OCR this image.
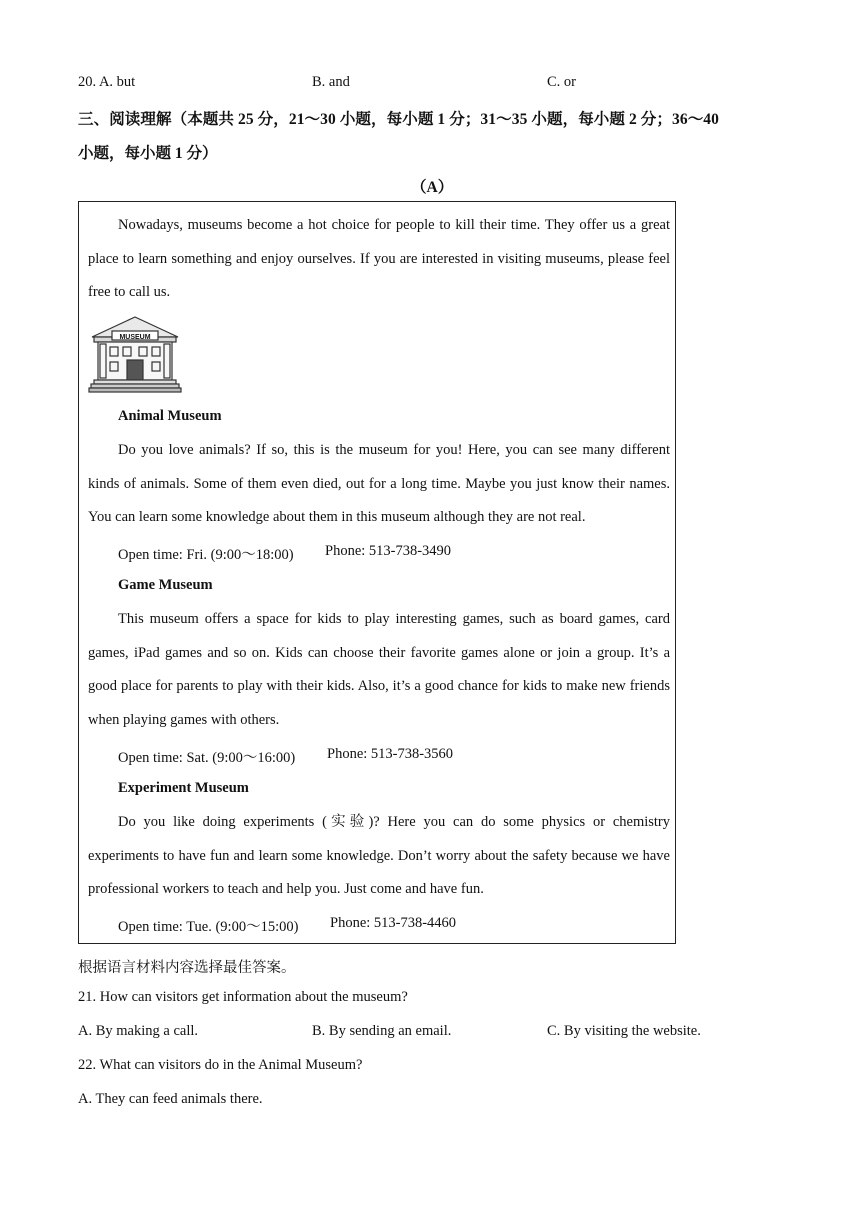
20. A. but	B. and	C. or
三、阅读理解（本题共 25 分，21～30 小题，每小题 1 分；31～35 小题，每小题 2 分；36～40
小题，每小题 1 分）
（A）
Nowadays, museums become a hot choice for people to kill their time. They offer us a great place to learn something and enjoy ourselves. If you are interested in visiting museums, please feel free to call us.
MUSEUM
Animal Museum
Do you love animals? If so, this is the museum for you! Here, you can see many different kinds of animals. Some of them even died, out for a long time. Maybe you just know their names. You can learn some knowledge about them in this museum although they are not real.
Open time: Fri. (9:00～18:00) Phone: 513-738-3490
Game Museum
This museum offers a space for kids to play interesting games, such as board games, card games, iPad games and so on. Kids can choose their favorite games alone or join a group. It’s a good place for parents to play with their kids. Also, it’s a good chance for kids to make new friends when playing games with others.
Open time: Sat. (9:00～16:00) Phone: 513-738-3560
Experiment Museum
Do you like doing experiments (实验)? Here you can do some physics or chemistry experiments to have fun and learn some knowledge. Don’t worry about the safety because we have professional workers to teach and help you. Just come and have fun.
Open time: Tue. (9:00～15:00) Phone: 513-738-4460
根据语言材料内容选择最佳答案。
21. How can visitors get information about the museum?
A. By making a call.	B. By sending an email.	C. By visiting the website.
22. What can visitors do in the Animal Museum?
A. They can feed animals there.
